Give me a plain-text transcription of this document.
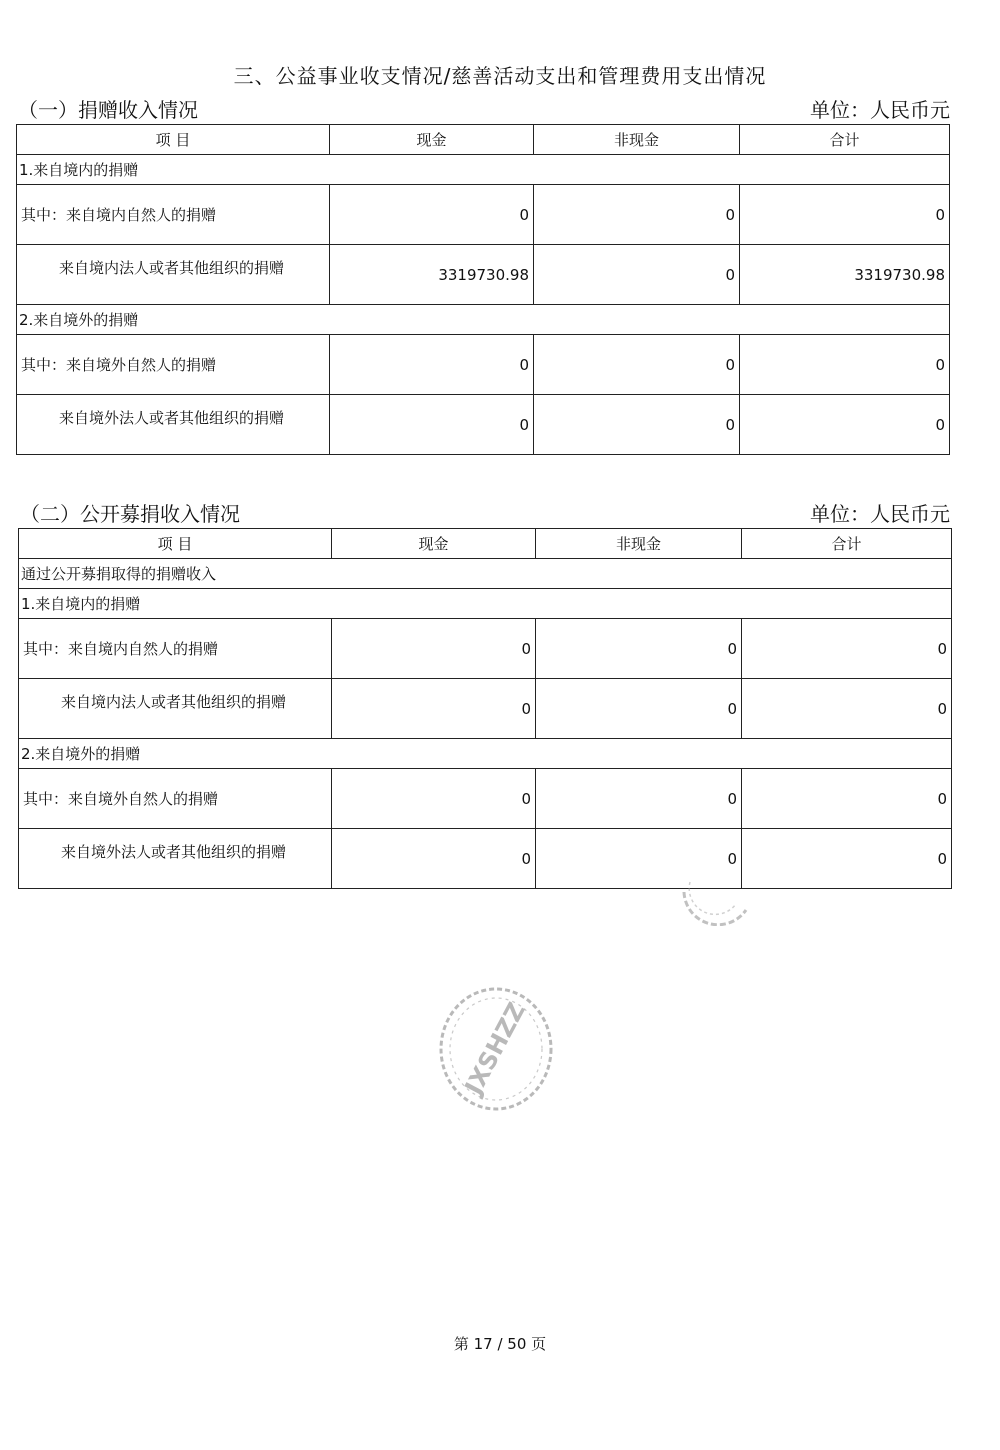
三、公益事业收支情况/慈善活动支出和管理费用支出情况
（一）捐赠收入情况	单位：人民币元
项 目	现金	非现金	合计
1.来自境内的捐赠			
其中：来自境内自然人的捐赠	0	0	0
来自境内法人或者其他组织的捐赠	3319730.98	0	3319730.98
2.来自境外的捐赠			
其中：来自境外自然人的捐赠	0	0	0
来自境外法人或者其他组织的捐赠	0	0	0
（二）公开募捐收入情况	单位：人民币元
项 目	现金	非现金	合计
通过公开募捐取得的捐赠收入			
1.来自境内的捐赠			
其中：来自境内自然人的捐赠	0	0	0
来自境内法人或者其他组织的捐赠	0	0	0
2.来自境外的捐赠			
其中：来自境外自然人的捐赠	0	0	0
来自境外法人或者其他组织的捐赠	0	0	0
JXSHZZ
第 17 / 50 页
